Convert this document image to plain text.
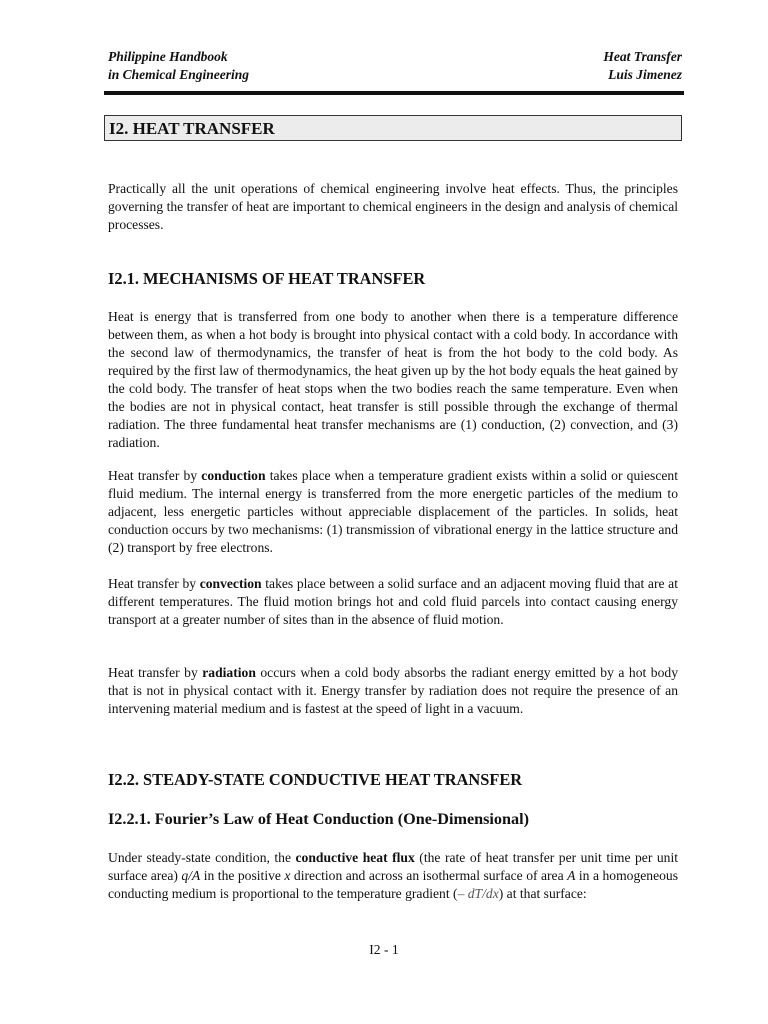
Philippine Handbook
in Chemical Engineering
Heat Transfer
Luis Jimenez
I2. HEAT TRANSFER

Practically all the unit operations of chemical engineering involve heat effects. Thus, the principles governing the transfer of heat are important to chemical engineers in the design and analysis of chemical processes.

I2.1. MECHANISMS OF HEAT TRANSFER

Heat is energy that is transferred from one body to another when there is a temperature difference between them, as when a hot body is brought into physical contact with a cold body. In accordance with the second law of thermodynamics, the transfer of heat is from the hot body to the cold body. As required by the first law of thermodynamics, the heat given up by the hot body equals the heat gained by the cold body. The transfer of heat stops when the two bodies reach the same temperature. Even when the bodies are not in physical contact, heat transfer is still possible through the exchange of thermal radiation. The three fundamental heat transfer mechanisms are (1) conduction, (2) convection, and (3) radiation.

Heat transfer by conduction takes place when a temperature gradient exists within a solid or quiescent fluid medium. The internal energy is transferred from the more energetic particles of the medium to adjacent, less energetic particles without appreciable displacement of the particles. In solids, heat conduction occurs by two mechanisms: (1) transmission of vibrational energy in the lattice structure and (2) transport by free electrons.

Heat transfer by convection takes place between a solid surface and an adjacent moving fluid that are at different temperatures. The fluid motion brings hot and cold fluid parcels into contact causing energy transport at a greater number of sites than in the absence of fluid motion.

Heat transfer by radiation occurs when a cold body absorbs the radiant energy emitted by a hot body that is not in physical contact with it. Energy transfer by radiation does not require the presence of an intervening material medium and is fastest at the speed of light in a vacuum.

I2.2. STEADY-STATE CONDUCTIVE HEAT TRANSFER
I2.2.1. Fourier’s Law of Heat Conduction (One-Dimensional)

Under steady-state condition, the conductive heat flux (the rate of heat transfer per unit time per unit surface area) q/A in the positive x direction and across an isothermal surface of area A in a homogeneous conducting medium is proportional to the temperature gradient (– dT/dx) at that surface:

I2 - 1
